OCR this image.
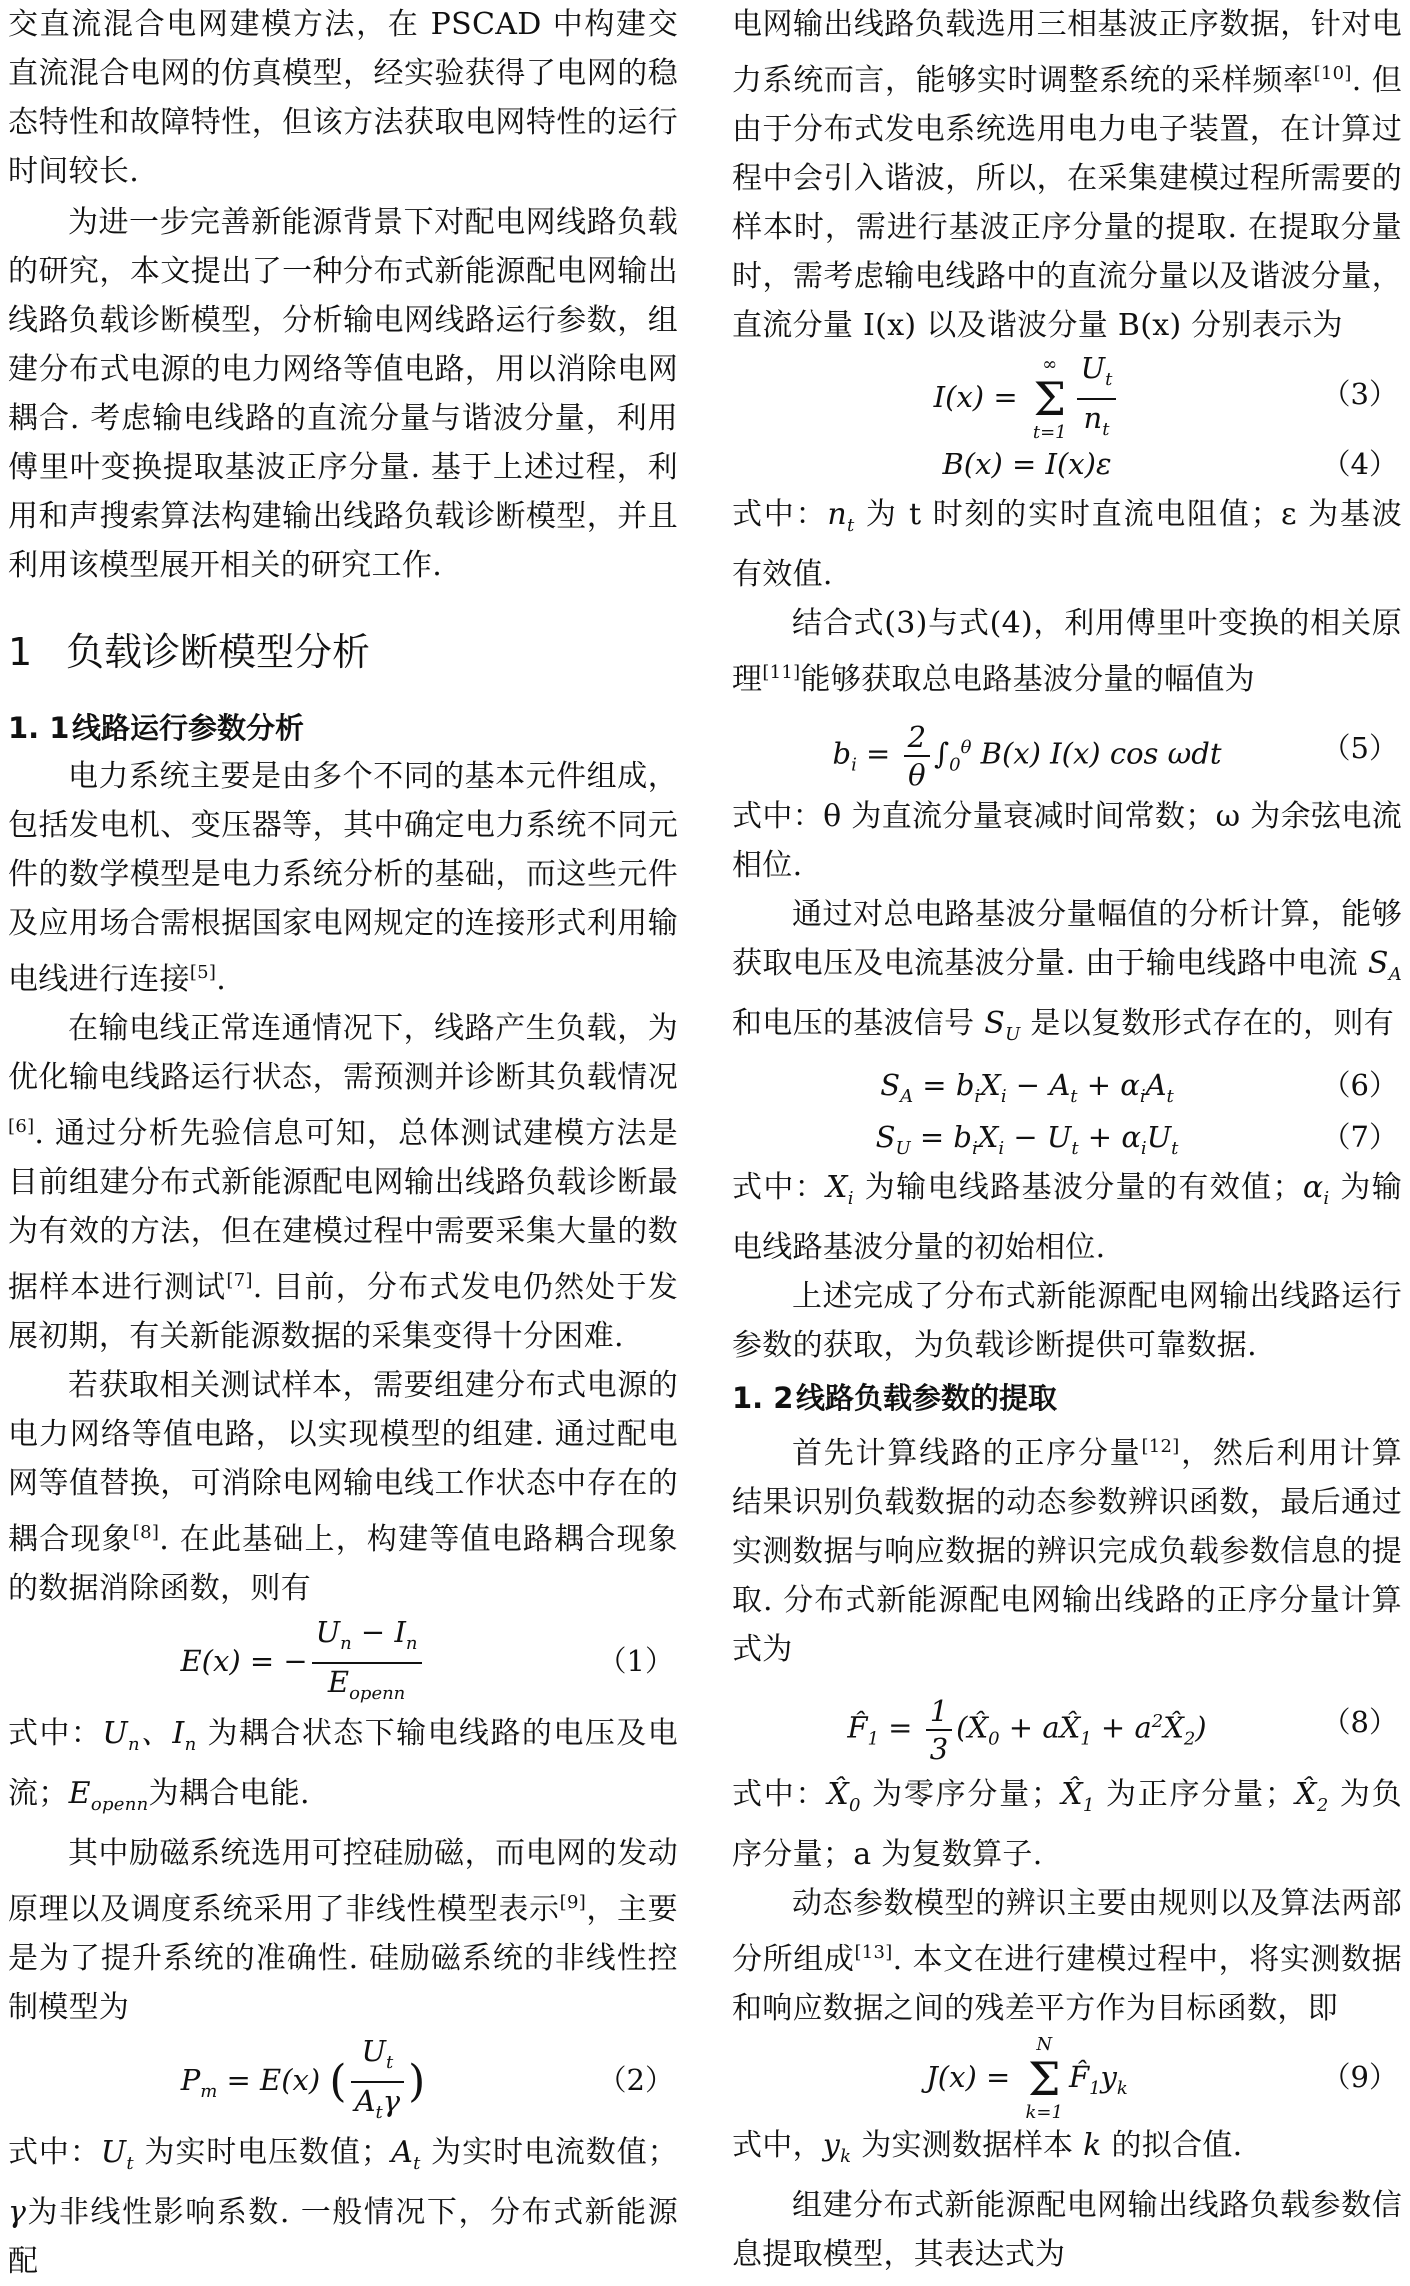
交直流混合电网建模方法，在 PSCAD 中构建交直流混合电网的仿真模型，经实验获得了电网的稳态特性和故障特性，但该方法获取电网特性的运行时间较长.

为进一步完善新能源背景下对配电网线路负载的研究，本文提出了一种分布式新能源配电网输出线路负载诊断模型，分析输电网线路运行参数，组建分布式电源的电力网络等值电路，用以消除电网耦合. 考虑输电线路的直流分量与谐波分量，利用傅里叶变换提取基波正序分量. 基于上述过程，利用和声搜索算法构建输出线路负载诊断模型，并且利用该模型展开相关的研究工作.

1 负载诊断模型分析
1. 1线路运行参数分析

电力系统主要是由多个不同的基本元件组成，包括发电机、变压器等，其中确定电力系统不同元件的数学模型是电力系统分析的基础，而这些元件及应用场合需根据国家电网规定的连接形式利用输电线进行连接[5].

在输电线正常连通情况下，线路产生负载，为优化输电线路运行状态，需预测并诊断其负载情况[6]. 通过分析先验信息可知，总体测试建模方法是目前组建分布式新能源配电网输出线路负载诊断最为有效的方法，但在建模过程中需要采集大量的数据样本进行测试[7]. 目前，分布式发电仍然处于发展初期，有关新能源数据的采集变得十分困难.

若获取相关测试样本，需要组建分布式电源的电力网络等值电路，以实现模型的组建. 通过配电网等值替换，可消除电网输电线工作状态中存在的耦合现象[8]. 在此基础上，构建等值电路耦合现象的数据消除函数，则有

E(x) = − $\frac{U_n - I_n}{E_{openn}}$	（1）

式中：$U_n$、$I_n$ 为耦合状态下输电线路的电压及电流；$E_{openn}$为耦合电能.

其中励磁系统选用可控硅励磁，而电网的发动原理以及调度系统采用了非线性模型表示[9]，主要是为了提升系统的准确性. 硅励磁系统的非线性控制模型为

$P_m = E(x)$ ( $\frac{U_t}{A_t\gamma}$ )	（2）

式中：$U_t$ 为实时电压数值；$A_t$ 为实时电流数值；γ为非线性影响系数. 一般情况下，分布式新能源配

电网输出线路负载选用三相基波正序数据，针对电力系统而言，能够实时调整系统的采样频率[10]. 但由于分布式发电系统选用电力电子装置，在计算过程中会引入谐波，所以，在采集建模过程所需要的样本时，需进行基波正序分量的提取. 在提取分量时，需考虑输电线路中的直流分量以及谐波分量，直流分量 I(x) 以及谐波分量 B(x) 分别表示为

I(x) =
∞
Σ
$t=1 \frac{U_t}{n_t}$	（3）
B(x) = I(x)ε	（4）

式中：$n_t$ 为 t 时刻的实时直流电阻值；ε 为基波有效值.

结合式(3)与式(4)，利用傅里叶变换的相关原理[11]能够获取总电路基波分量的幅值为

$b_i = \frac{2}{\theta} \int_0^\theta$ B(x) I(x) cos ωdt	（5）

式中：θ 为直流分量衰减时间常数；ω 为余弦电流相位.

通过对总电路基波分量幅值的分析计算，能够获取电压及电流基波分量. 由于输电线路中电流 $S_A$ 和电压的基波信号 $S_U$ 是以复数形式存在的，则有

$S_A = b_iX_i - A_t + \alpha_iA_t$	（6）
$S_U = b_iX_i - U_t + \alpha_iU_t$	（7）

式中：$X_i$ 为输电线路基波分量的有效值；$\alpha_i$ 为输电线路基波分量的初始相位.

上述完成了分布式新能源配电网输出线路运行参数的获取，为负载诊断提供可靠数据.

1. 2线路负载参数的提取

首先计算线路的正序分量[12]，然后利用计算结果识别负载数据的动态参数辨识函数，最后通过实测数据与响应数据的辨识完成负载参数信息的提取. 分布式新能源配电网输出线路的正序分量计算式为

$F̂_1 = \frac{1}{3}$ ($X̂_0$ + $aX̂_1$ + $a^2X̂_2$)	（8）

式中：$X̂_0$ 为零序分量；$X̂_1$ 为正序分量；$X̂_2$ 为负序分量；a 为复数算子.

动态参数模型的辨识主要由规则以及算法两部分所组成[13]. 本文在进行建模过程中，将实测数据和响应数据之间的残差平方作为目标函数，即

J(x) =
N
Σ
k=1
$F̂_1y_k$	（9）

式中，$y_k$ 为实测数据样本 k 的拟合值.

组建分布式新能源配电网输出线路负载参数信息提取模型，其表达式为
